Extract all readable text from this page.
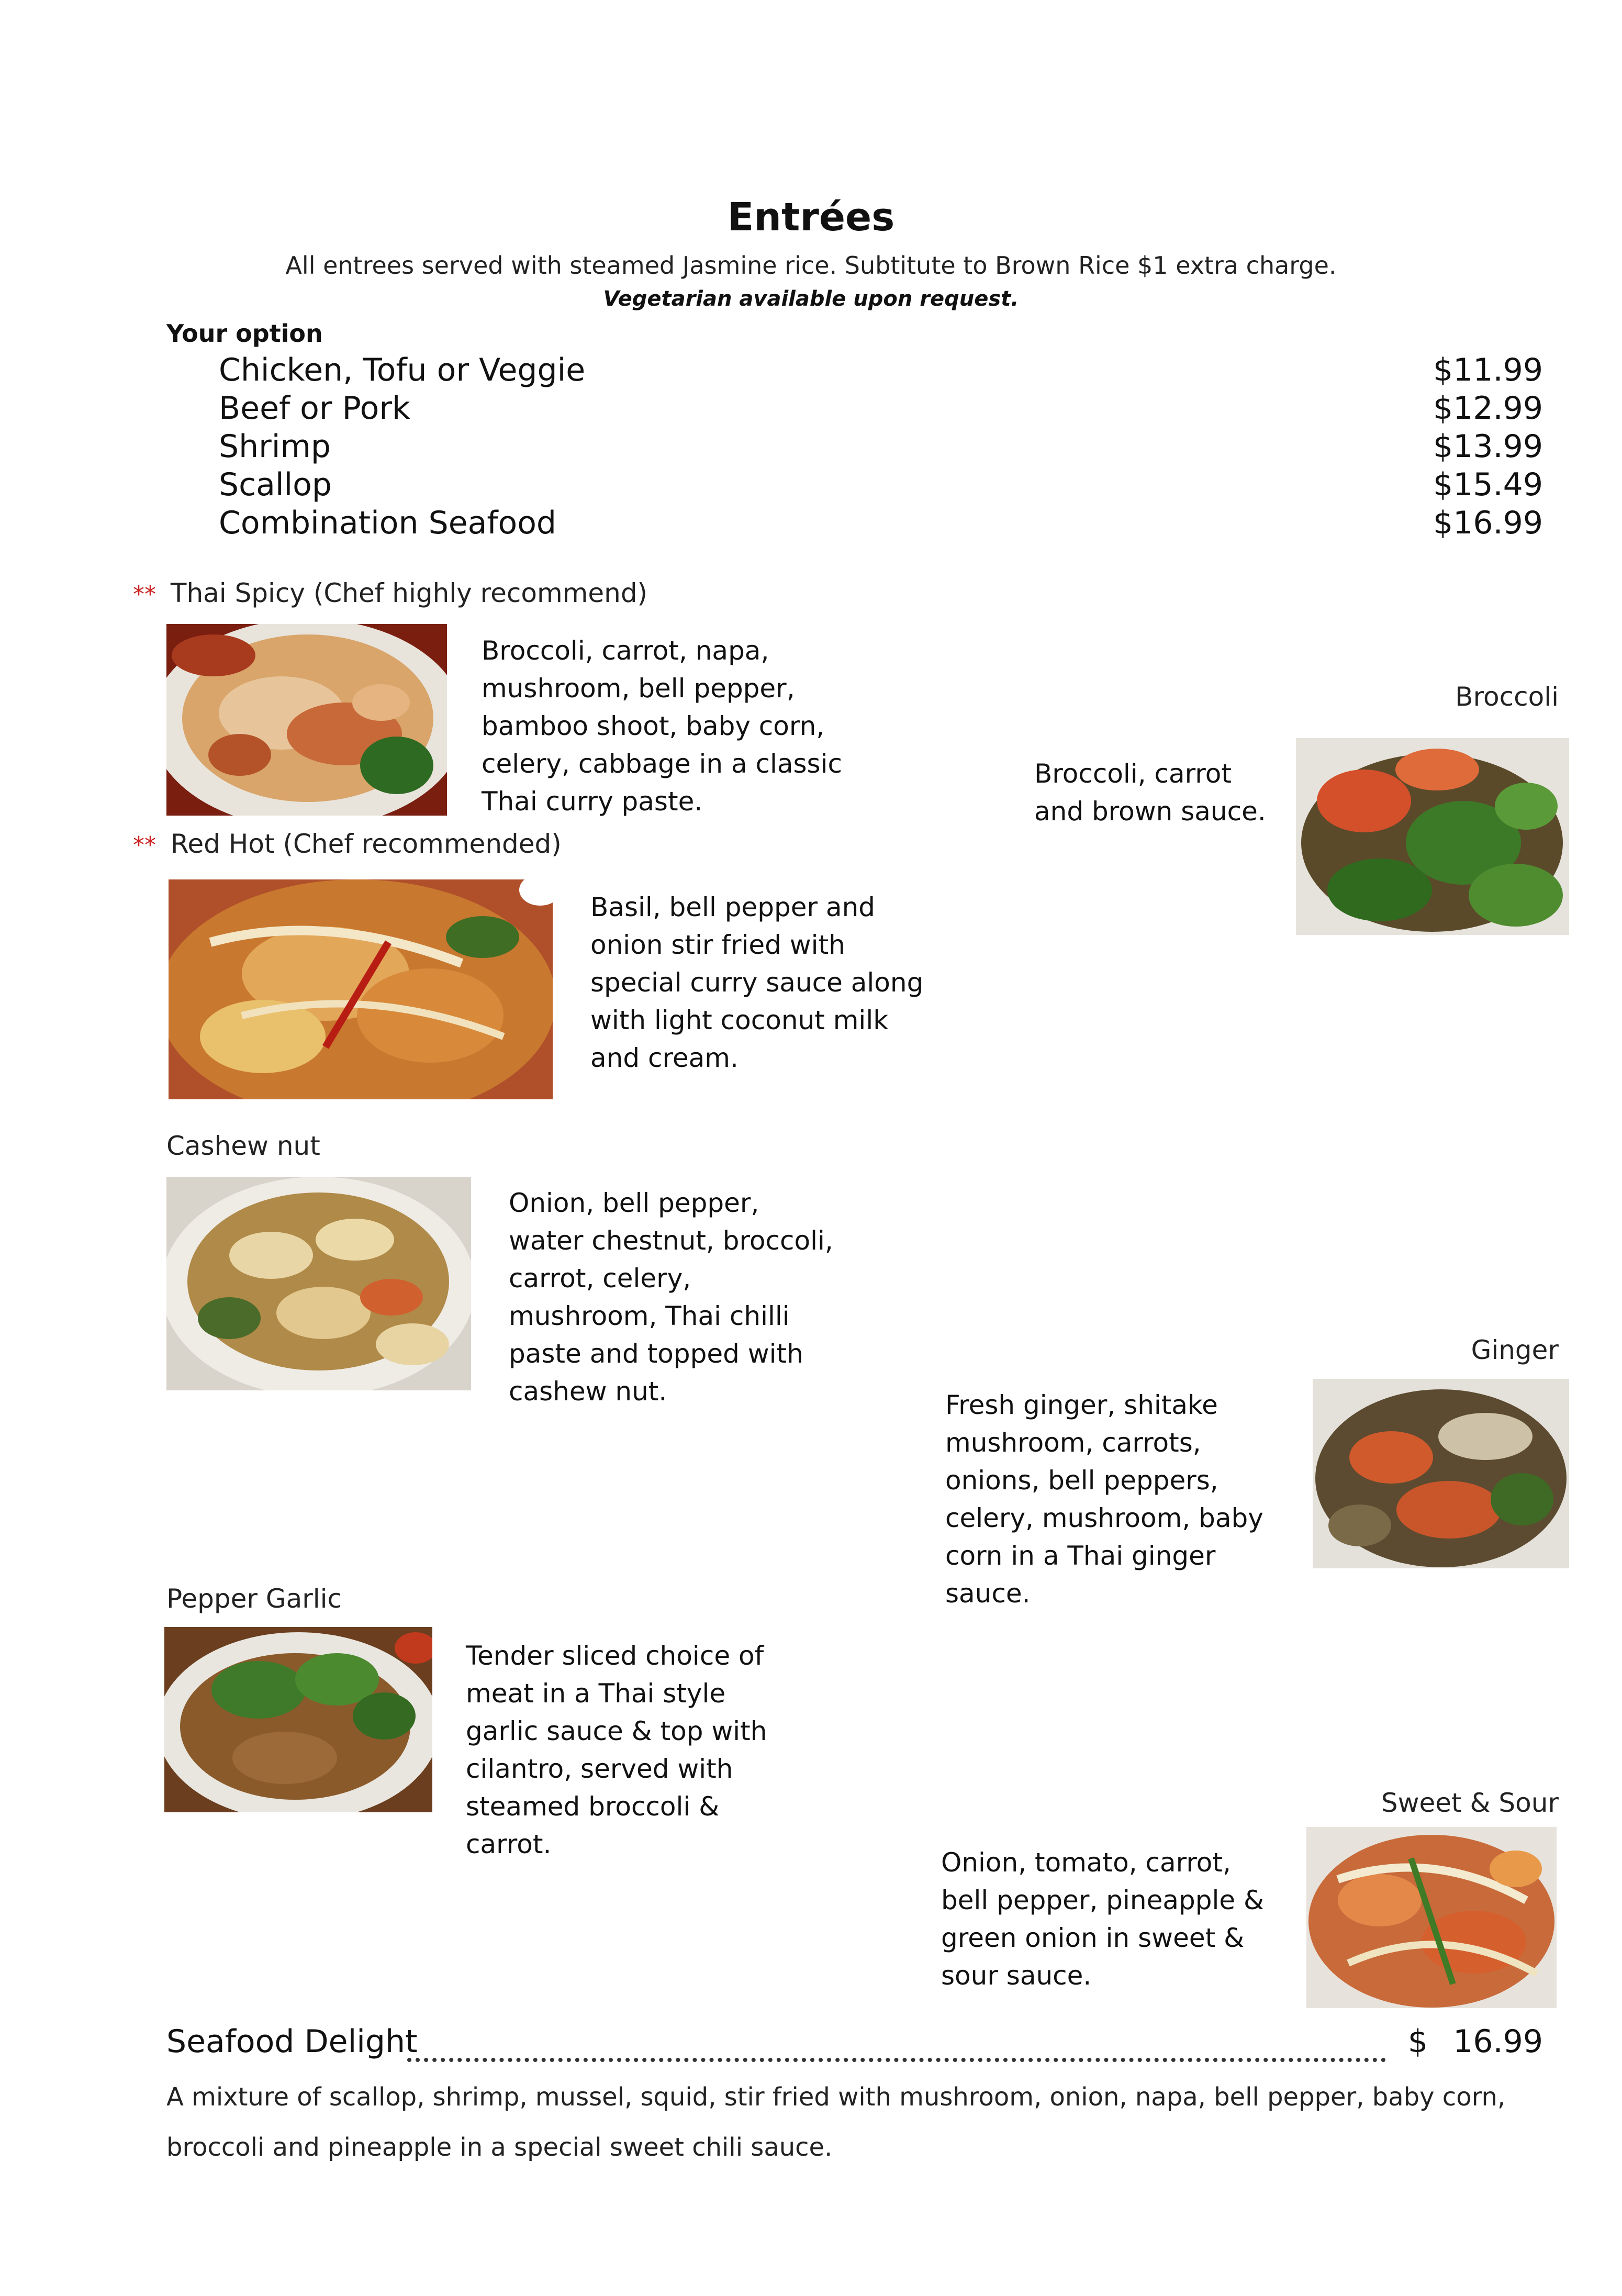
Entrées
All entrees served with steamed Jasmine rice. Subtitute to Brown Rice $1 extra charge.
Vegetarian available upon request.
Your option
Chicken, Tofu or Veggie	$11.99
Beef or Pork	$12.99
Shrimp	$13.99
Scallop	$15.49
Combination Seafood	$16.99
** Thai Spicy (Chef highly recommend)
Broccoli, carrot, napa,
mushroom, bell pepper,
bamboo shoot, baby corn,
celery, cabbage in a classic
Thai curry paste.
** Red Hot (Chef recommended)
Basil, bell pepper and
onion stir fried with
special curry sauce along
with light coconut milk
and cream.
Cashew nut
Onion, bell pepper,
water chestnut, broccoli,
carrot, celery,
mushroom, Thai chilli
paste and topped with
cashew nut.
Pepper Garlic
Tender sliced choice of
meat in a Thai style
garlic sauce & top with
cilantro, served with
steamed broccoli &
carrot.
Broccoli
Broccoli, carrot
and brown sauce.
Ginger
Fresh ginger, shitake
mushroom, carrots,
onions, bell peppers,
celery, mushroom, baby
corn in a Thai ginger
sauce.
Sweet & Sour
Onion, tomato, carrot,
bell pepper, pineapple &
green onion in sweet &
sour sauce.
Seafood Delight	$ 16.99
A mixture of scallop, shrimp, mussel, squid, stir fried with mushroom, onion, napa, bell pepper, baby corn,
broccoli and pineapple in a special sweet chili sauce.
